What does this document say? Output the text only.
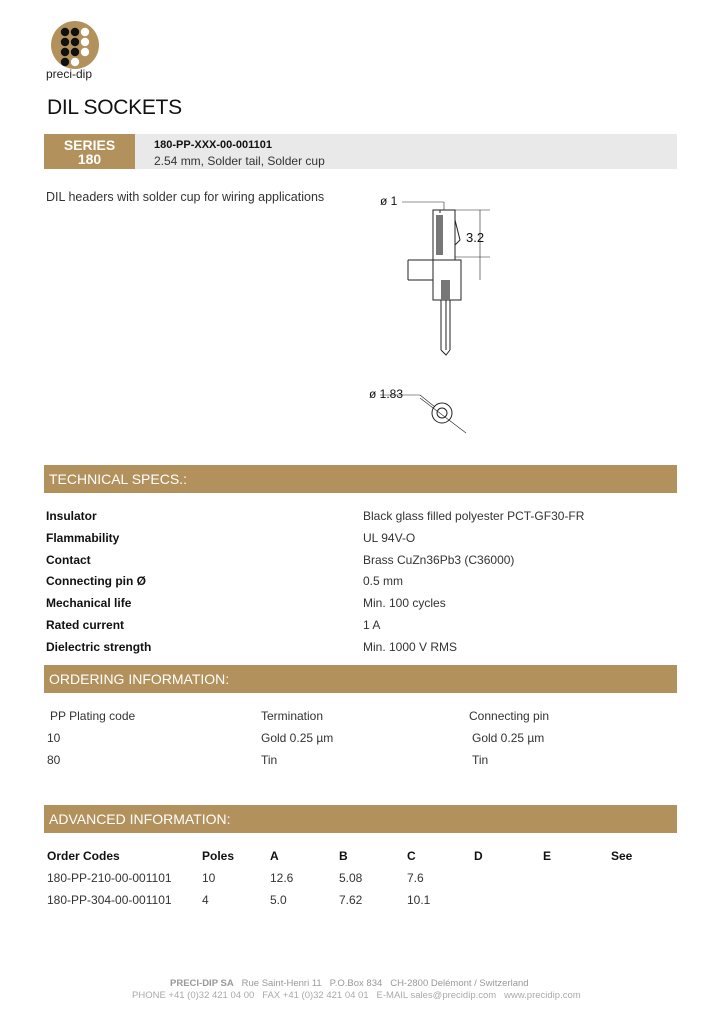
preci-dip
DIL SOCKETS
SERIES
180
180-PP-XXX-00-001101
2.54 mm, Solder tail, Solder cup
DIL headers with solder cup for wiring applications	ø 1
3.2
ø 1.83
TECHNICAL SPECS.:
Insulator	Black glass filled polyester PCT-GF30-FR
Flammability	UL 94V-O
Contact	Brass CuZn36Pb3 (C36000)
Connecting pin Ø	0.5 mm
Mechanical life	Min. 100 cycles
Rated current	1 A
Dielectric strength	Min. 1000 V RMS
ORDERING INFORMATION:
PP Plating code	Termination	Connecting pin
10	Gold 0.25 µm	Gold 0.25 µm
80	Tin	Tin
ADVANCED INFORMATION:
Order Codes	Poles	A	B	C	D	E	See
180-PP-210-00-001101	10	12.6	5.08	7.6
180-PP-304-00-001101	4	5.0	7.62	10.1
PRECI-DIP SA Rue Saint-Henri 11 P.O.Box 834 CH-2800 Delémont / Switzerland
PHONE +41 (0)32 421 04 00 FAX +41 (0)32 421 04 01 E-MAIL sales@precidip.com www.precidip.com
